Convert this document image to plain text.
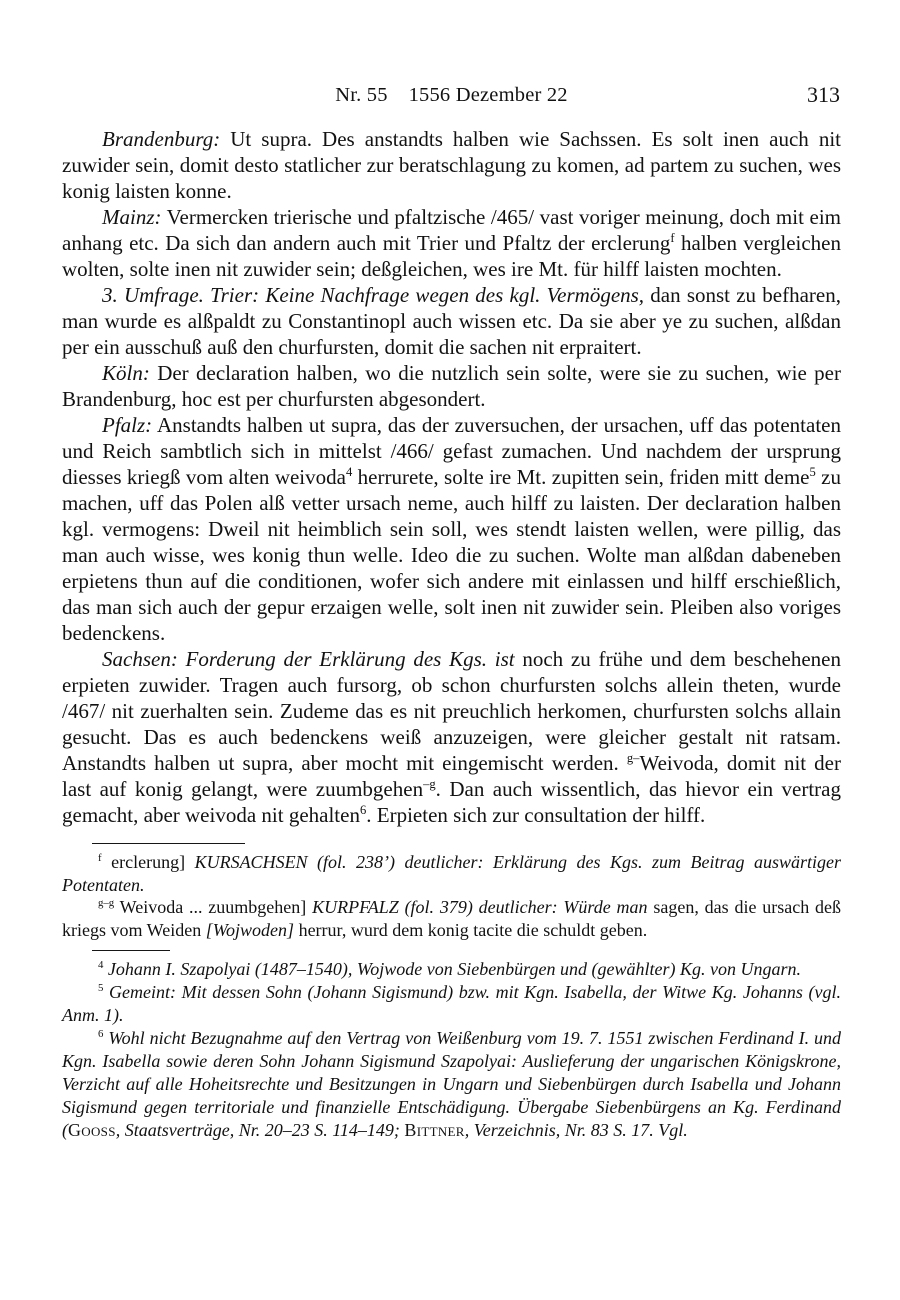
Nr. 55  1556 Dezember 22	313

Brandenburg: Ut supra. Des anstandts halben wie Sachssen. Es solt inen auch nit zuwider sein, domit desto statlicher zur beratschlagung zu komen, ad partem zu suchen, wes konig laisten konne.

Mainz: Vermercken trierische und pfaltzische /465/ vast voriger meinung, doch mit eim anhang etc. Da sich dan andern auch mit Trier und Pfaltz der erclerung$^f$ halben vergleichen wolten, solte inen nit zuwider sein; deßgleichen, wes ire Mt. für hilff laisten mochten.

3. Umfrage. Trier: Keine Nachfrage wegen des kgl. Vermögens, dan sonst zu befharen, man wurde es alßpaldt zu Constantinopl auch wissen etc. Da sie aber ye zu suchen, alßdan per ein ausschuß auß den churfursten, domit die sachen nit erpraitert.

Köln: Der declaration halben, wo die nutzlich sein solte, were sie zu suchen, wie per Brandenburg, hoc est per churfursten abgesondert.

Pfalz: Anstandts halben ut supra, das der zuversuchen, der ursachen, uff das potentaten und Reich sambtlich sich in mittelst /466/ gefast zumachen. Und nachdem der ursprung diesses kriegß vom alten weivoda$^4$ herrurete, solte ire Mt. zupitten sein, friden mitt deme$^5$ zu machen, uff das Polen alß vetter ursach neme, auch hilff zu laisten. Der declaration halben kgl. vermogens: Dweil nit heimblich sein soll, wes stendt laisten wellen, were pillig, das man auch wisse, wes konig thun welle. Ideo die zu suchen. Wolte man alßdan dabeneben erpietens thun auf die conditionen, wofer sich andere mit einlassen und hilff erschießlich, das man sich auch der gepur erzaigen welle, solt inen nit zuwider sein. Pleiben also voriges bedenckens.

Sachsen: Forderung der Erklärung des Kgs. ist noch zu frühe und dem beschehenen erpieten zuwider. Tragen auch fursorg, ob schon churfursten solchs allein theten, wurde /467/ nit zuerhalten sein. Zudeme das es nit preuchlich herkomen, churfursten solchs allain gesucht. Das es auch bedenckens weiß anzuzeigen, were gleicher gestalt nit ratsam. Anstandts halben ut supra, aber mocht mit eingemischt werden. $^{g-}$Weivoda, domit nit der last auf konig gelangt, were zuumbgehen$^{-g}$. Dan auch wissentlich, das hievor ein vertrag gemacht, aber weivoda nit gehalten$^6$. Erpieten sich zur consultation der hilff.

$^f$ erclerung] KURSACHSEN (fol. 238’) deutlicher: Erklärung des Kgs. zum Beitrag auswärtiger Potentaten.

$^{g-g}$ Weivoda ... zuumbgehen] KURPFALZ (fol. 379) deutlicher: Würde man sagen, das die ursach deß kriegs vom Weiden [Wojwoden] herrur, wurd dem konig tacite die schuldt geben.

$^4$ Johann I. Szapolyai (1487–1540), Wojwode von Siebenbürgen und (gewählter) Kg. von Ungarn.

$^5$ Gemeint: Mit dessen Sohn (Johann Sigismund) bzw. mit Kgn. Isabella, der Witwe Kg. Johanns (vgl. Anm. 1).

$^6$ Wohl nicht Bezugnahme auf den Vertrag von Weißenburg vom 19. 7. 1551 zwischen Ferdinand I. und Kgn. Isabella sowie deren Sohn Johann Sigismund Szapolyai: Auslieferung der ungarischen Königskrone, Verzicht auf alle Hoheitsrechte und Besitzungen in Ungarn und Siebenbürgen durch Isabella und Johann Sigismund gegen territoriale und finanzielle Entschädigung. Übergabe Siebenbürgens an Kg. Ferdinand (Gooss, Staatsverträge, Nr. 20–23 S. 114–149; Bittner, Verzeichnis, Nr. 83 S. 17. Vgl.
